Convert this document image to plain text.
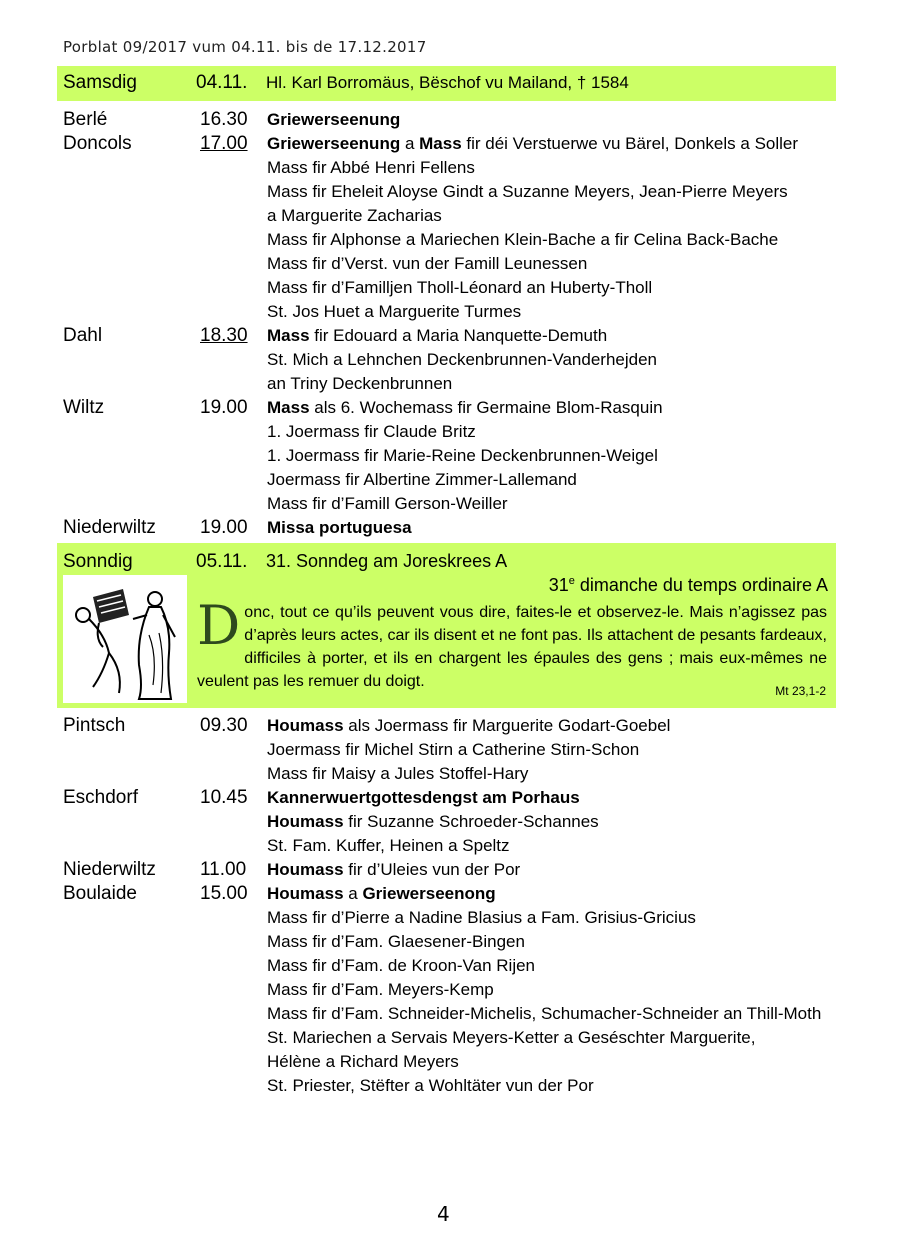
Porblat 09/2017 vum 04.11. bis de 17.12.2017
Samsdig	04.11. Hl. Karl Borromäus, Bëschof vu Mailand, † 1584
Berlé	16.30 Griewerseenung
Doncols	17.00 Griewerseenung a Mass fir déi Verstuerwe vu Bärel, Donkels a Soller
Mass fir Abbé Henri Fellens
Mass fir Eheleit Aloyse Gindt a Suzanne Meyers, Jean-Pierre Meyers
a Marguerite Zacharias
Mass fir Alphonse a Mariechen Klein-Bache a fir Celina Back-Bache
Mass fir d’Verst. vun der Famill Leunessen
Mass fir d’Familljen Tholl-Léonard an Huberty-Tholl
St. Jos Huet a Marguerite Turmes
Dahl	18.30 Mass fir Edouard a Maria Nanquette-Demuth
St. Mich a Lehnchen Deckenbrunnen-Vanderhejden
an Triny Deckenbrunnen
Wiltz	19.00 Mass als 6. Wochemass fir Germaine Blom-Rasquin
1. Joermass fir Claude Britz
1. Joermass fir Marie-Reine Deckenbrunnen-Weigel
Joermass fir Albertine Zimmer-Lallemand
Mass fir d’Famill Gerson-Weiller
Niederwiltz 19.00 Missa portuguesa
Sonndig	05.11. 31. Sonndeg am Joreskrees A
31e dimanche du temps ordinaire A
Donc, tout ce qu’ils peuvent vous dire, faites-le et observez-le. Mais n’agissez pas d’après leurs actes, car ils disent et ne font pas. Ils attachent de pesants fardeaux, difficiles à porter, et ils en chargent les épaules des gens ; mais eux-mêmes ne veulent pas les remuer du doigt.
Mt 23,1-2
Pintsch	09.30 Houmass als Joermass fir Marguerite Godart-Goebel
Joermass fir Michel Stirn a Catherine Stirn-Schon
Mass fir Maisy a Jules Stoffel-Hary
Eschdorf	10.45 Kannerwuertgottesdengst am Porhaus
Houmass fir Suzanne Schroeder-Schannes
St. Fam. Kuffer, Heinen a Speltz
Niederwiltz 11.00 Houmass fir d’Uleies vun der Por
Boulaide	15.00 Houmass a Griewerseenong
Mass fir d’Pierre a Nadine Blasius a Fam. Grisius-Gricius
Mass fir d’Fam. Glaesener-Bingen
Mass fir d’Fam. de Kroon-Van Rijen
Mass fir d’Fam. Meyers-Kemp
Mass fir d’Fam. Schneider-Michelis, Schumacher-Schneider an Thill-Moth
St. Mariechen a Servais Meyers-Ketter a Geséschter Marguerite,
Hélène a Richard Meyers
St. Priester, Stëfter a Wohltäter vun der Por
4
